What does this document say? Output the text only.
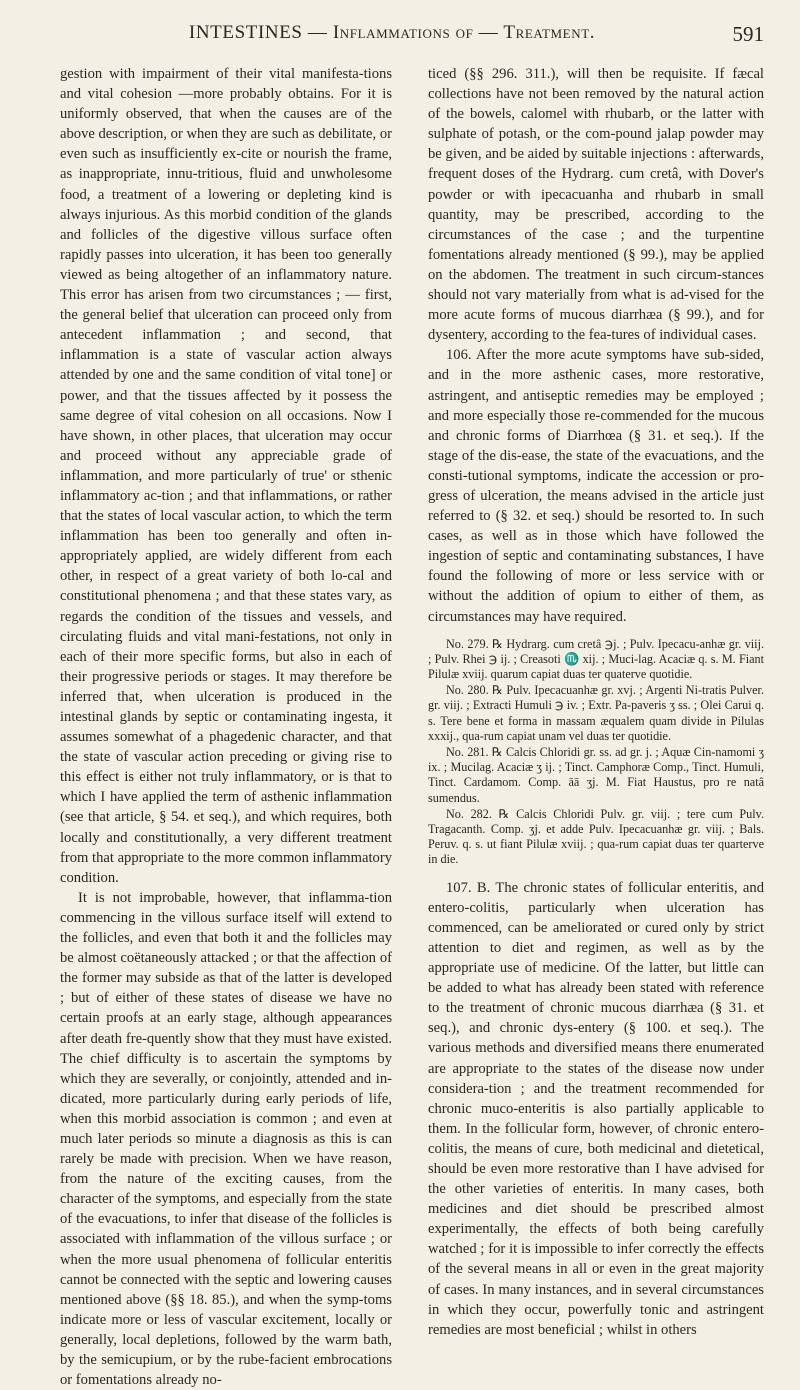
INTESTINES — Inflammations of — Treatment.	591

gestion with impairment of their vital manifesta-tions and vital cohesion —more probably obtains. For it is uniformly observed, that when the causes are of the above description, or when they are such as debilitate, or even such as insufficiently ex-cite or nourish the frame, as inappropriate, innu-tritious, fluid and unwholesome food, a treatment of a lowering or depleting kind is always injurious. As this morbid condition of the glands and follicles of the digestive villous surface often rapidly passes into ulceration, it has been too generally viewed as being altogether of an inflammatory nature. This error has arisen from two circumstances ; — first, the general belief that ulceration can proceed only from antecedent inflammation ; and second, that inflammation is a state of vascular action always attended by one and the same condition of vital tone] or power, and that the tissues affected by it possess the same degree of vital cohesion on all occasions. Now I have shown, in other places, that ulceration may occur and proceed without any appreciable grade of inflammation, and more particularly of true' or sthenic inflammatory ac-tion ; and that inflammations, or rather that the states of local vascular action, to which the term inflammation has been too generally and often in-appropriately applied, are widely different from each other, in respect of a great variety of both lo-cal and constitutional phenomena ; and that these states vary, as regards the condition of the tissues and vessels, and circulating fluids and vital mani-festations, not only in each of their more specific forms, but also in each of their progressive periods or stages. It may therefore be inferred that, when ulceration is produced in the intestinal glands by septic or contaminating ingesta, it assumes somewhat of a phagedenic character, and that the state of vascular action preceding or giving rise to this effect is either not truly inflammatory, or is that to which I have applied the term of asthenic inflammation (see that article, § 54. et seq.), and which requires, both locally and constitutionally, a very different treatment from that appropriate to the more common inflammatory condition.

It is not improbable, however, that inflamma-tion commencing in the villous surface itself will extend to the follicles, and even that both it and the follicles may be almost coëtaneously attacked ; or that the affection of the former may subside as that of the latter is developed ; but of either of these states of disease we have no certain proofs at an early stage, although appearances after death fre-quently show that they must have existed. The chief difficulty is to ascertain the symptoms by which they are severally, or conjointly, attended and in-dicated, more particularly during early periods of life, when this morbid association is common ; and even at much later periods so minute a diagnosis as this is can rarely be made with precision. When we have reason, from the nature of the exciting causes, from the character of the symptoms, and especially from the state of the evacuations, to infer that disease of the follicles is associated with inflammation of the villous surface ; or when the more usual phenomena of follicular enteritis cannot be connected with the septic and lowering causes mentioned above (§§ 18. 85.), and when the symp-toms indicate more or less of vascular excitement, locally or generally, local depletions, followed by the warm bath, by the semicupium, or by the rube-facient embrocations or fomentations already no-

ticed (§§ 296. 311.), will then be requisite. If fæcal collections have not been removed by the natural action of the bowels, calomel with rhubarb, or the latter with sulphate of potash, or the com-pound jalap powder may be given, and be aided by suitable injections : afterwards, frequent doses of the Hydrarg. cum cretâ, with Dover's powder or with ipecacuanha and rhubarb in small quantity, may be prescribed, according to the circumstances of the case ; and the turpentine fomentations already mentioned (§ 99.), may be applied on the abdomen. The treatment in such circum-stances should not vary materially from what is ad-vised for the more acute forms of mucous diarrhæa (§ 99.), and for dysentery, according to the fea-tures of individual cases.

106. After the more acute symptoms have sub-sided, and in the more asthenic cases, more restorative, astringent, and antiseptic remedies may be employed ; and more especially those re-commended for the mucous and chronic forms of Diarrhœa (§ 31. et seq.). If the stage of the dis-ease, the state of the evacuations, and the consti-tutional symptoms, indicate the accession or pro-gress of ulceration, the means advised in the article just referred to (§ 32. et seq.) should be resorted to. In such cases, as well as in those which have followed the ingestion of septic and contaminating substances, I have found the following of more or less service with or without the addition of opium to either of them, as circumstances may have required.

No. 279. ℞ Hydrarg. cum cretâ ℈j. ; Pulv. Ipecacu-anhæ gr. viij. ; Pulv. Rhei ℈ ij. ; Creasoti ♏ xij. ; Muci-lag. Acaciæ q. s. M. Fiant Pilulæ xviij. quarum capiat duas ter quaterve quotidie.

No. 280. ℞ Pulv. Ipecacuanhæ gr. xvj. ; Argenti Ni-tratis Pulver. gr. viij. ; Extracti Humuli ℈ iv. ; Extr. Pa-paveris ʒ ss. ; Olei Carui q. s. Tere bene et forma in massam æqualem quam divide in Pilulas xxxij., qua-rum capiat unam vel duas ter quotidie.

No. 281. ℞ Calcis Chloridi gr. ss. ad gr. j. ; Aquæ Cin-namomi ʒ ix. ; Mucilag. Acaciæ ʒ ij. ; Tinct. Camphoræ Comp., Tinct. Humuli, Tinct. Cardamom. Comp. āā ʒj. M. Fiat Haustus, pro re natâ sumendus.

No. 282. ℞ Calcis Chloridi Pulv. gr. viij. ; tere cum Pulv. Tragacanth. Comp. ʒj. et adde Pulv. Ipecacuanhæ gr. viij. ; Bals. Peruv. q. s. ut fiant Pilulæ xviij. ; qua-rum capiat duas ter quarterve in die.

107. B. The chronic states of follicular enteritis, and entero-colitis, particularly when ulceration has commenced, can be ameliorated or cured only by strict attention to diet and regimen, as well as by the appropriate use of medicine. Of the latter, but little can be added to what has already been stated with reference to the treatment of chronic mucous diarrhæa (§ 31. et seq.), and chronic dys-entery (§ 100. et seq.). The various methods and diversified means there enumerated are appropriate to the states of the disease now under considera-tion ; and the treatment recommended for chronic muco-enteritis is also partially applicable to them. In the follicular form, however, of chronic entero-colitis, the means of cure, both medicinal and dietetical, should be even more restorative than I have advised for the other varieties of enteritis. In many cases, both medicines and diet should be prescribed almost experimentally, the effects of both being carefully watched ; for it is impossible to infer correctly the effects of the several means in all or even in the great majority of cases. In many instances, and in several circumstances in which they occur, powerfully tonic and astringent remedies are most beneficial ; whilst in others
